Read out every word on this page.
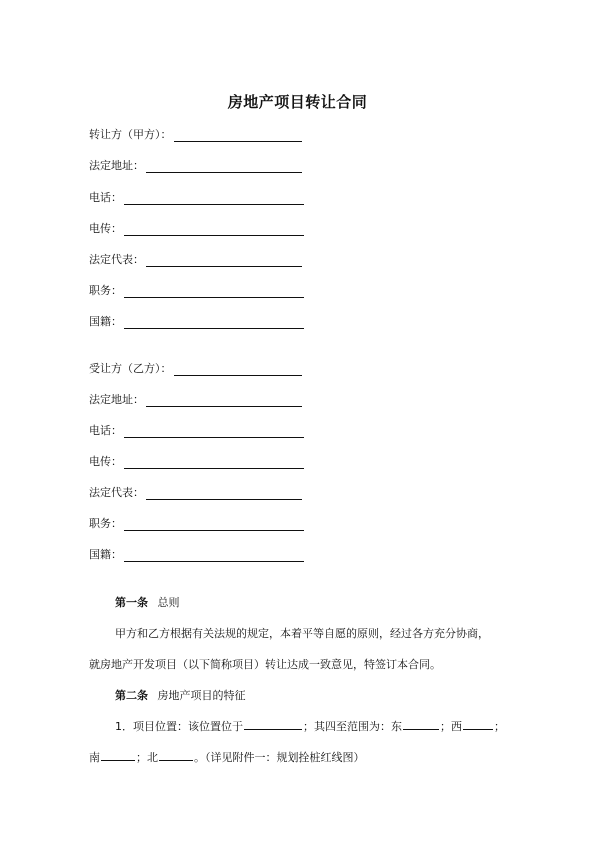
房地产项目转让合同
转让方（甲方）：
法定地址：
电话：
电传：
法定代表：
职务：
国籍：
受让方（乙方）：
法定地址：
电话：
电传：
法定代表：
职务：
国籍：
第一条 总则
甲方和乙方根据有关法规的规定，本着平等自愿的原则，经过各方充分协商，
就房地产开发项目（以下简称项目）转让达成一致意见，特签订本合同。
第二条 房地产项目的特征
1．项目位置：该位置位于	；其四至范围为：东	；西	；
南	；北	。（详见附件一：规划拴桩红线图）
